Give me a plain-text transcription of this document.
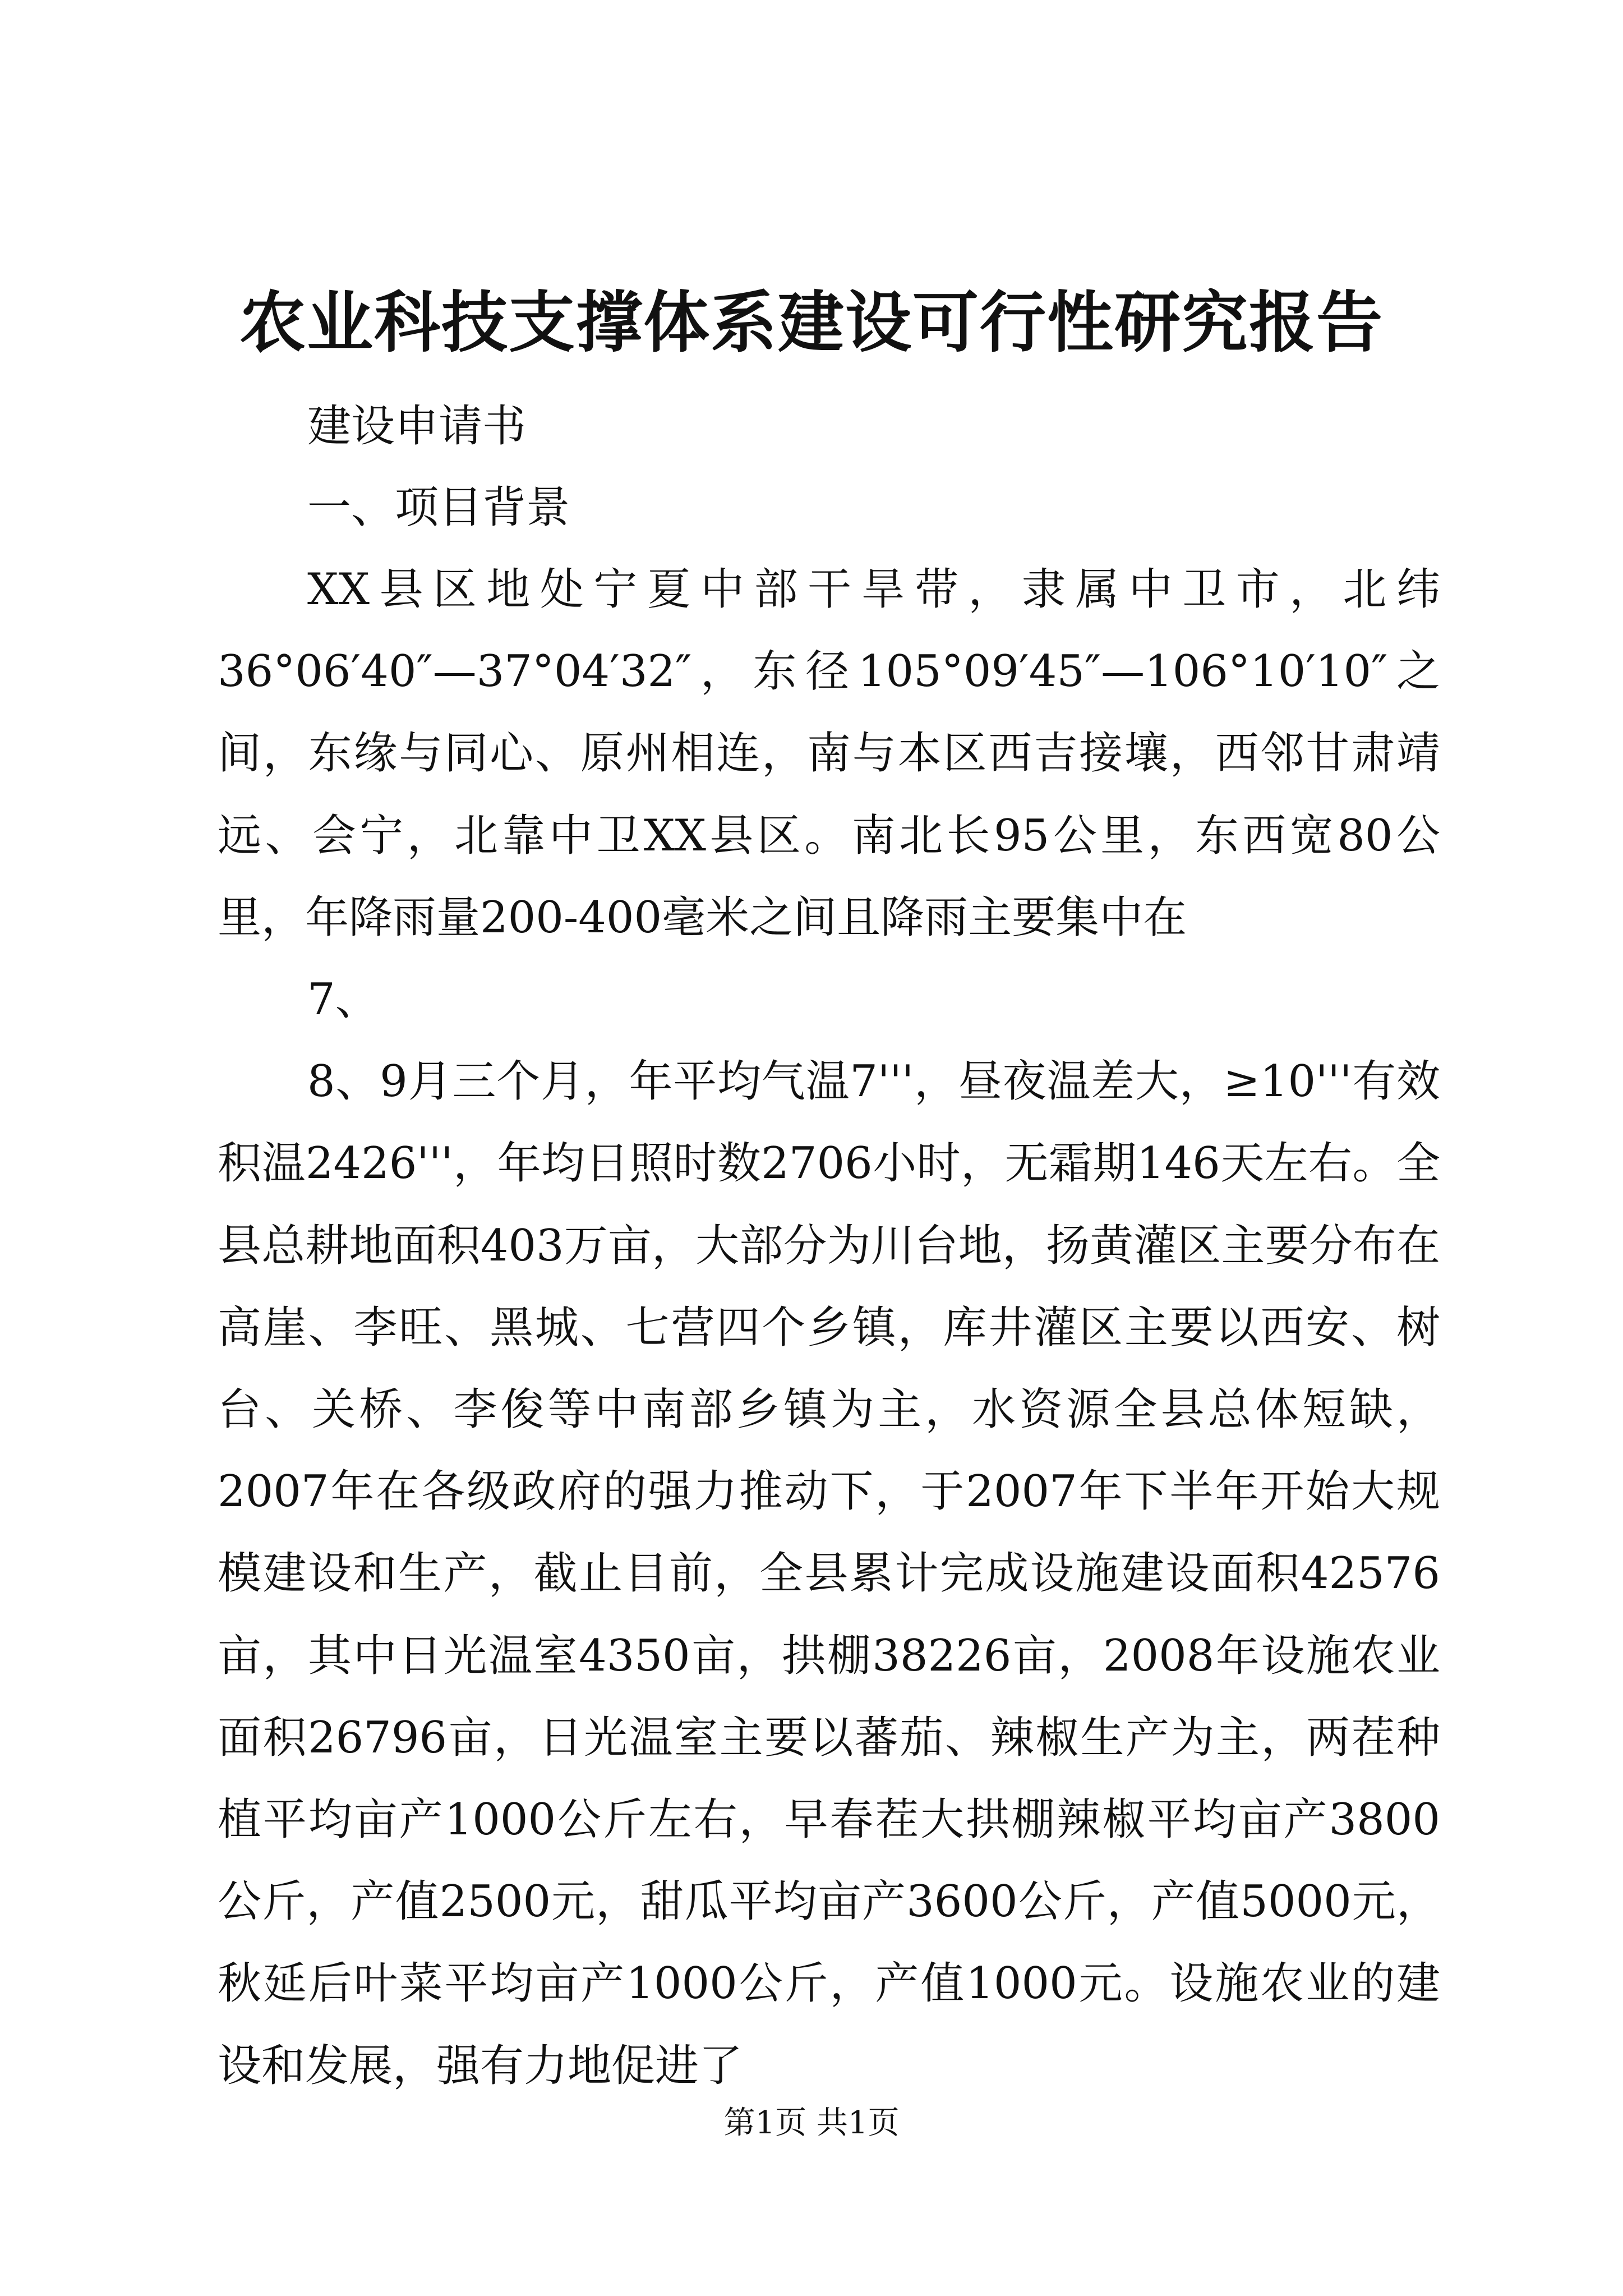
农业科技支撑体系建设可行性研究报告
建设申请书
一、项目背景

XX县区地处宁夏中部干旱带，隶属中卫市，北纬36°06′40″—37°04′32″，东径105°09′45″—106°10′10″之间，东缘与同心、原州相连，南与本区西吉接壤，西邻甘肃靖远、会宁，北靠中卫XX县区。南北长95公里，东西宽80公里，年降雨量200-400毫米之间且降雨主要集中在

7、

8、9月三个月，年平均气温7'''，昼夜温差大，≥10'''有效积温2426'''，年均日照时数2706小时，无霜期146天左右。全县总耕地面积403万亩，大部分为川台地，扬黄灌区主要分布在高崖、李旺、黑城、七营四个乡镇，库井灌区主要以西安、树台、关桥、李俊等中南部乡镇为主，水资源全县总体短缺，2007年在各级政府的强力推动下，于2007年下半年开始大规模建设和生产，截止目前，全县累计完成设施建设面积42576亩，其中日光温室4350亩，拱棚38226亩，2008年设施农业面积26796亩，日光温室主要以蕃茄、辣椒生产为主，两茬种植平均亩产1000公斤左右，早春茬大拱棚辣椒平均亩产3800公斤，产值2500元，甜瓜平均亩产3600公斤，产值5000元，秋延后叶菜平均亩产1000公斤，产值1000元。设施农业的建设和发展，强有力地促进了

第1页 共1页
